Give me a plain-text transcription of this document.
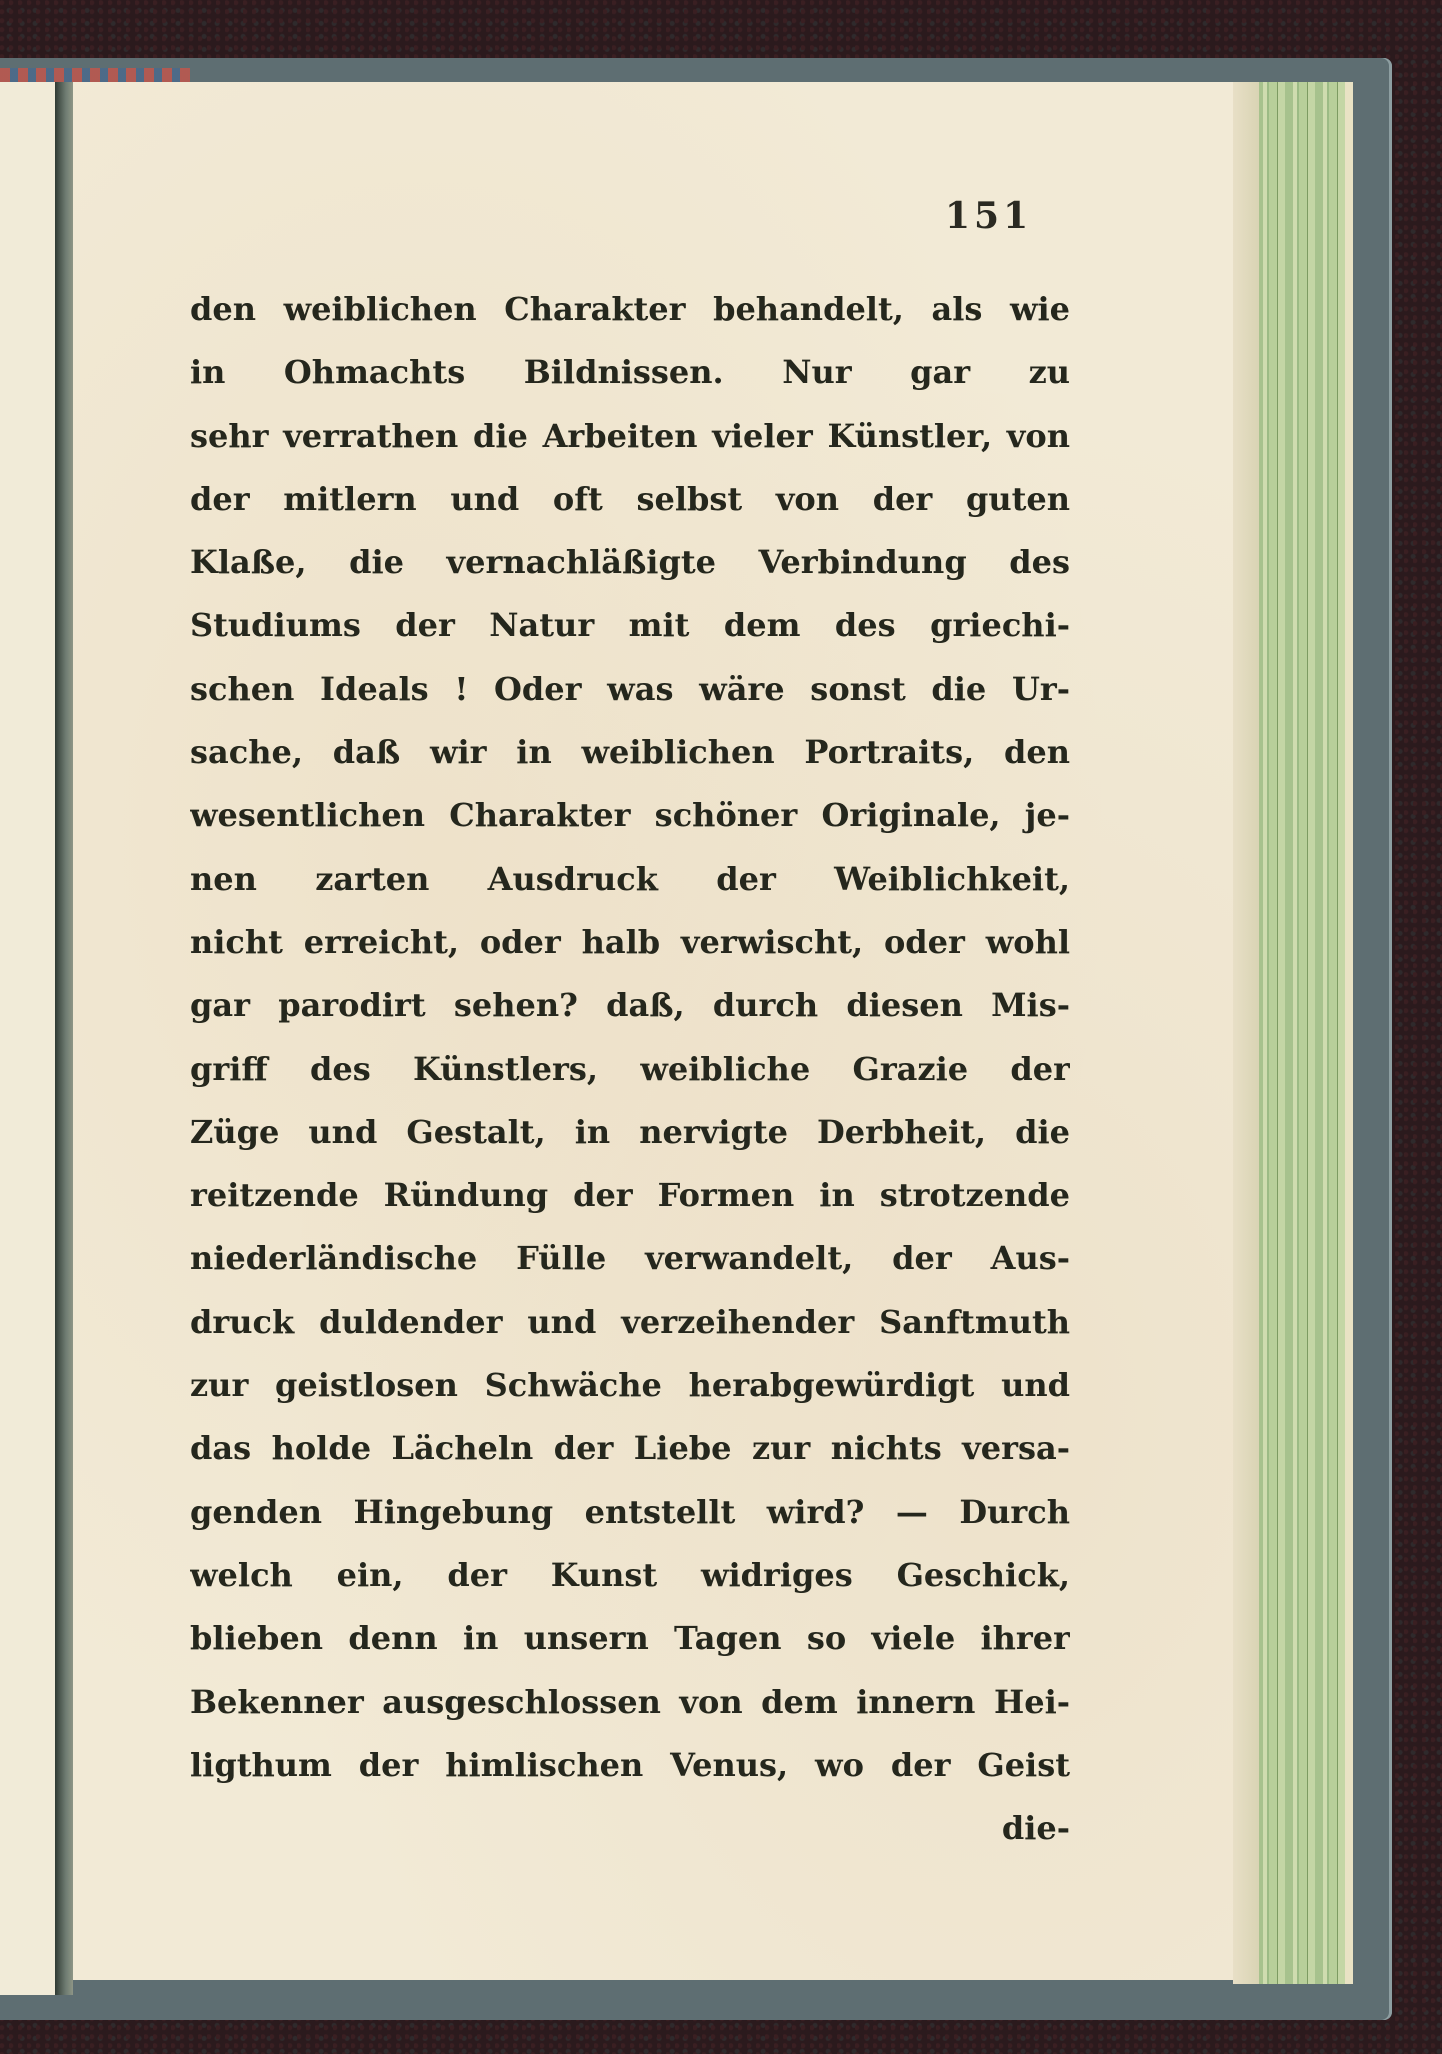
151
den weiblichen Charakter behandelt, als wie
in Ohmachts Bildnissen. Nur gar zu
sehr verrathen die Arbeiten vieler Künstler, von
der mitlern und oft selbst von der guten
Klaße, die vernachläßigte Verbindung des
Studiums der Natur mit dem des griechi-
schen Ideals ! Oder was wäre sonst die Ur-
sache, daß wir in weiblichen Portraits, den
wesentlichen Charakter schöner Originale, je-
nen zarten Ausdruck der Weiblichkeit,
nicht erreicht, oder halb verwischt, oder wohl
gar parodirt sehen? daß, durch diesen Mis-
griff des Künstlers, weibliche Grazie der
Züge und Gestalt, in nervigte Derbheit, die
reitzende Ründung der Formen in strotzende
niederländische Fülle verwandelt, der Aus-
druck duldender und verzeihender Sanftmuth
zur geistlosen Schwäche herabgewürdigt und
das holde Lächeln der Liebe zur nichts versa-
genden Hingebung entstellt wird? — Durch
welch ein, der Kunst widriges Geschick,
blieben denn in unsern Tagen so viele ihrer
Bekenner ausgeschlossen von dem innern Hei-
ligthum der himlischen Venus, wo der Geist
die-
